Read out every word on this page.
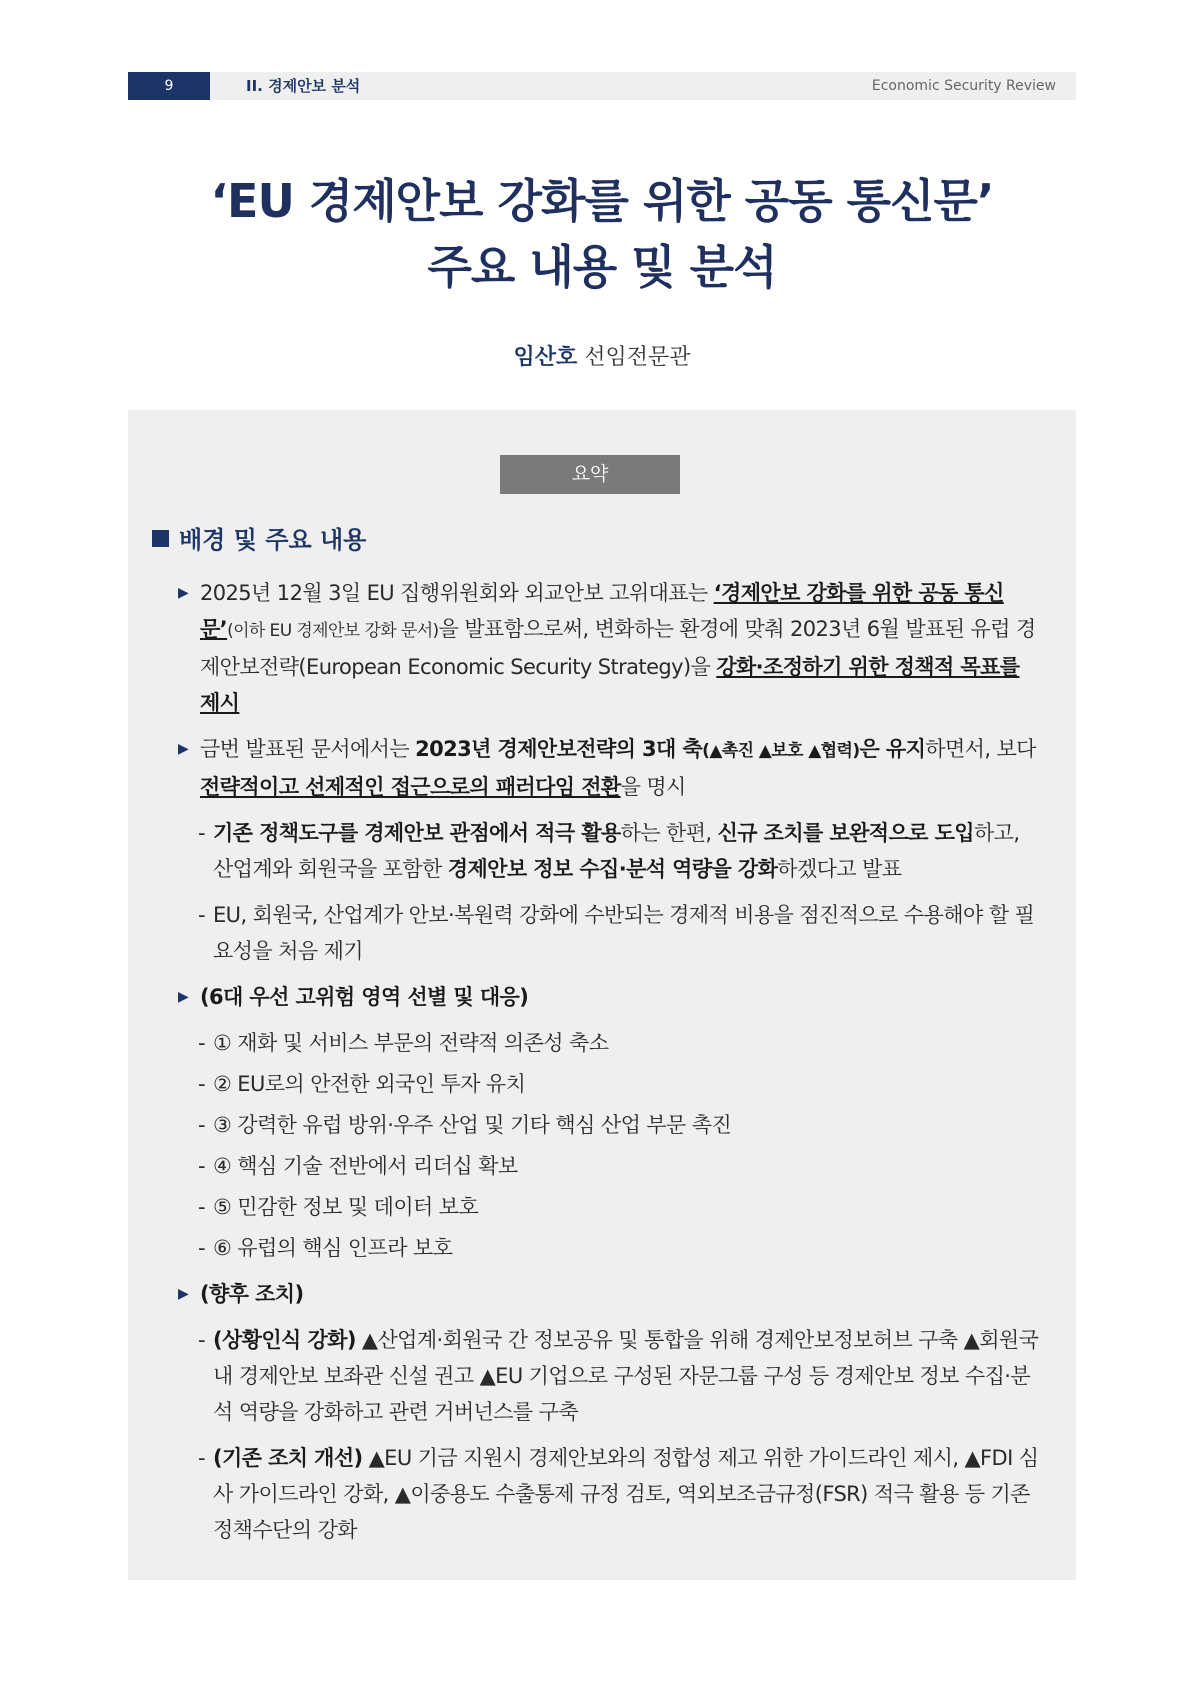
9	II. 경제안보 분석	Economic Security Review
‘EU 경제안보 강화를 위한 공동 통신문’
주요 내용 및 분석
임산호 선임전문관
요약
배경 및 주요 내용
▶ 2025년 12월 3일 EU 집행위원회와 외교안보 고위대표는 ‘경제안보 강화를 위한 공동 통신문’(이하 EU 경제안보 강화 문서)을 발표함으로써, 변화하는 환경에 맞춰 2023년 6월 발표된 유럽 경제안보전략(European Economic Security Strategy)을 강화·조정하기 위한 정책적 목표를 제시
▶ 금번 발표된 문서에서는 2023년 경제안보전략의 3대 축(▲촉진 ▲보호 ▲협력)은 유지하면서, 보다 전략적이고 선제적인 접근으로의 패러다임 전환을 명시
- 기존 정책도구를 경제안보 관점에서 적극 활용하는 한편, 신규 조치를 보완적으로 도입하고, 산업계와 회원국을 포함한 경제안보 정보 수집·분석 역량을 강화하겠다고 발표
- EU, 회원국, 산업계가 안보·복원력 강화에 수반되는 경제적 비용을 점진적으로 수용해야 할 필요성을 처음 제기
▶ (6대 우선 고위험 영역 선별 및 대응)
- ① 재화 및 서비스 부문의 전략적 의존성 축소
- ② EU로의 안전한 외국인 투자 유치
- ③ 강력한 유럽 방위·우주 산업 및 기타 핵심 산업 부문 촉진
- ④ 핵심 기술 전반에서 리더십 확보
- ⑤ 민감한 정보 및 데이터 보호
- ⑥ 유럽의 핵심 인프라 보호
▶ (향후 조치)
- (상황인식 강화) ▲산업계·회원국 간 정보공유 및 통합을 위해 경제안보정보허브 구축 ▲회원국 내 경제안보 보좌관 신설 권고 ▲EU 기업으로 구성된 자문그룹 구성 등 경제안보 정보 수집·분석 역량을 강화하고 관련 거버넌스를 구축
- (기존 조치 개선) ▲EU 기금 지원시 경제안보와의 정합성 제고 위한 가이드라인 제시, ▲FDI 심사 가이드라인 강화, ▲이중용도 수출통제 규정 검토, 역외보조금규정(FSR) 적극 활용 등 기존 정책수단의 강화
